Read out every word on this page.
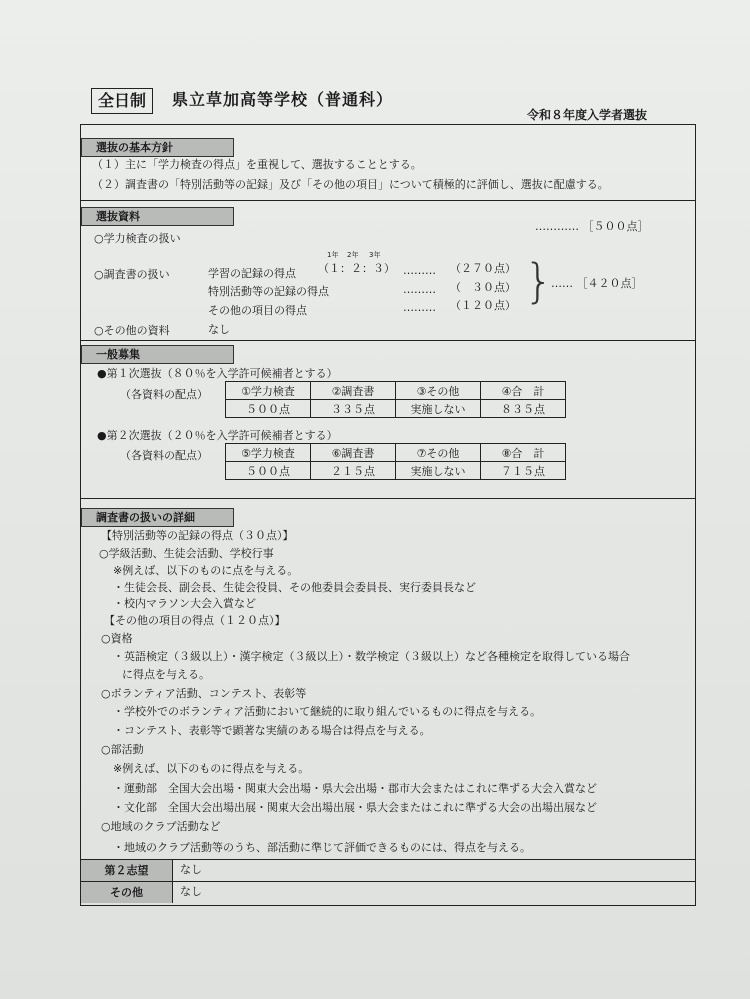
全日制	県立草加高等学校（普通科）
令和８年度入学者選抜
選抜の基本方針
（１）主に「学力検査の得点」を重視して、選抜することとする。
（２）調査書の「特別活動等の記録」及び「その他の項目」について積極的に評価し、選抜に配慮する。
選抜資料
○学力検査の扱い
………… ［５００点］
1年 2年 3年
○調査書の扱い	学習の記録の得点 （１：２：３） ……… （２７０点）
特別活動等の記録の得点	……… （　３０点）
その他の項目の得点	……… （１２０点） }
…… ［４２０点］
○その他の資料	なし
一般募集
●第１次選抜（８０％を入学許可候補者とする）
（各資料の配点）	①学力検査	②調査書	③その他	④合　計
５００点	３３５点	実施しない	８３５点
●第２次選抜（２０％を入学許可候補者とする）
（各資料の配点）	⑤学力検査	⑥調査書	⑦その他	⑧合　計
５００点	２１５点	実施しない	７１５点
調査書の扱いの詳細
【特別活動等の記録の得点（３０点）】
○学級活動、生徒会活動、学校行事
※例えば、以下のものに点を与える。
・生徒会長、副会長、生徒会役員、その他委員会委員長、実行委員長など
・校内マラソン大会入賞など
【その他の項目の得点（１２０点）】
○資格
・英語検定（３級以上）・漢字検定（３級以上）・数学検定（３級以上）など各種検定を取得している場合
に得点を与える。
○ボランティア活動、コンテスト、表彰等
・学校外でのボランティア活動において継続的に取り組んでいるものに得点を与える。
・コンテスト、表彰等で顕著な実績のある場合は得点を与える。
○部活動
※例えば、以下のものに得点を与える。
・運動部　全国大会出場・関東大会出場・県大会出場・郡市大会またはこれに準ずる大会入賞など
・文化部　全国大会出場出展・関東大会出場出展・県大会またはこれに準ずる大会の出場出展など
○地域のクラブ活動など
・地域のクラブ活動等のうち、部活動に準じて評価できるものには、得点を与える。
第２志望	なし
その他	なし
